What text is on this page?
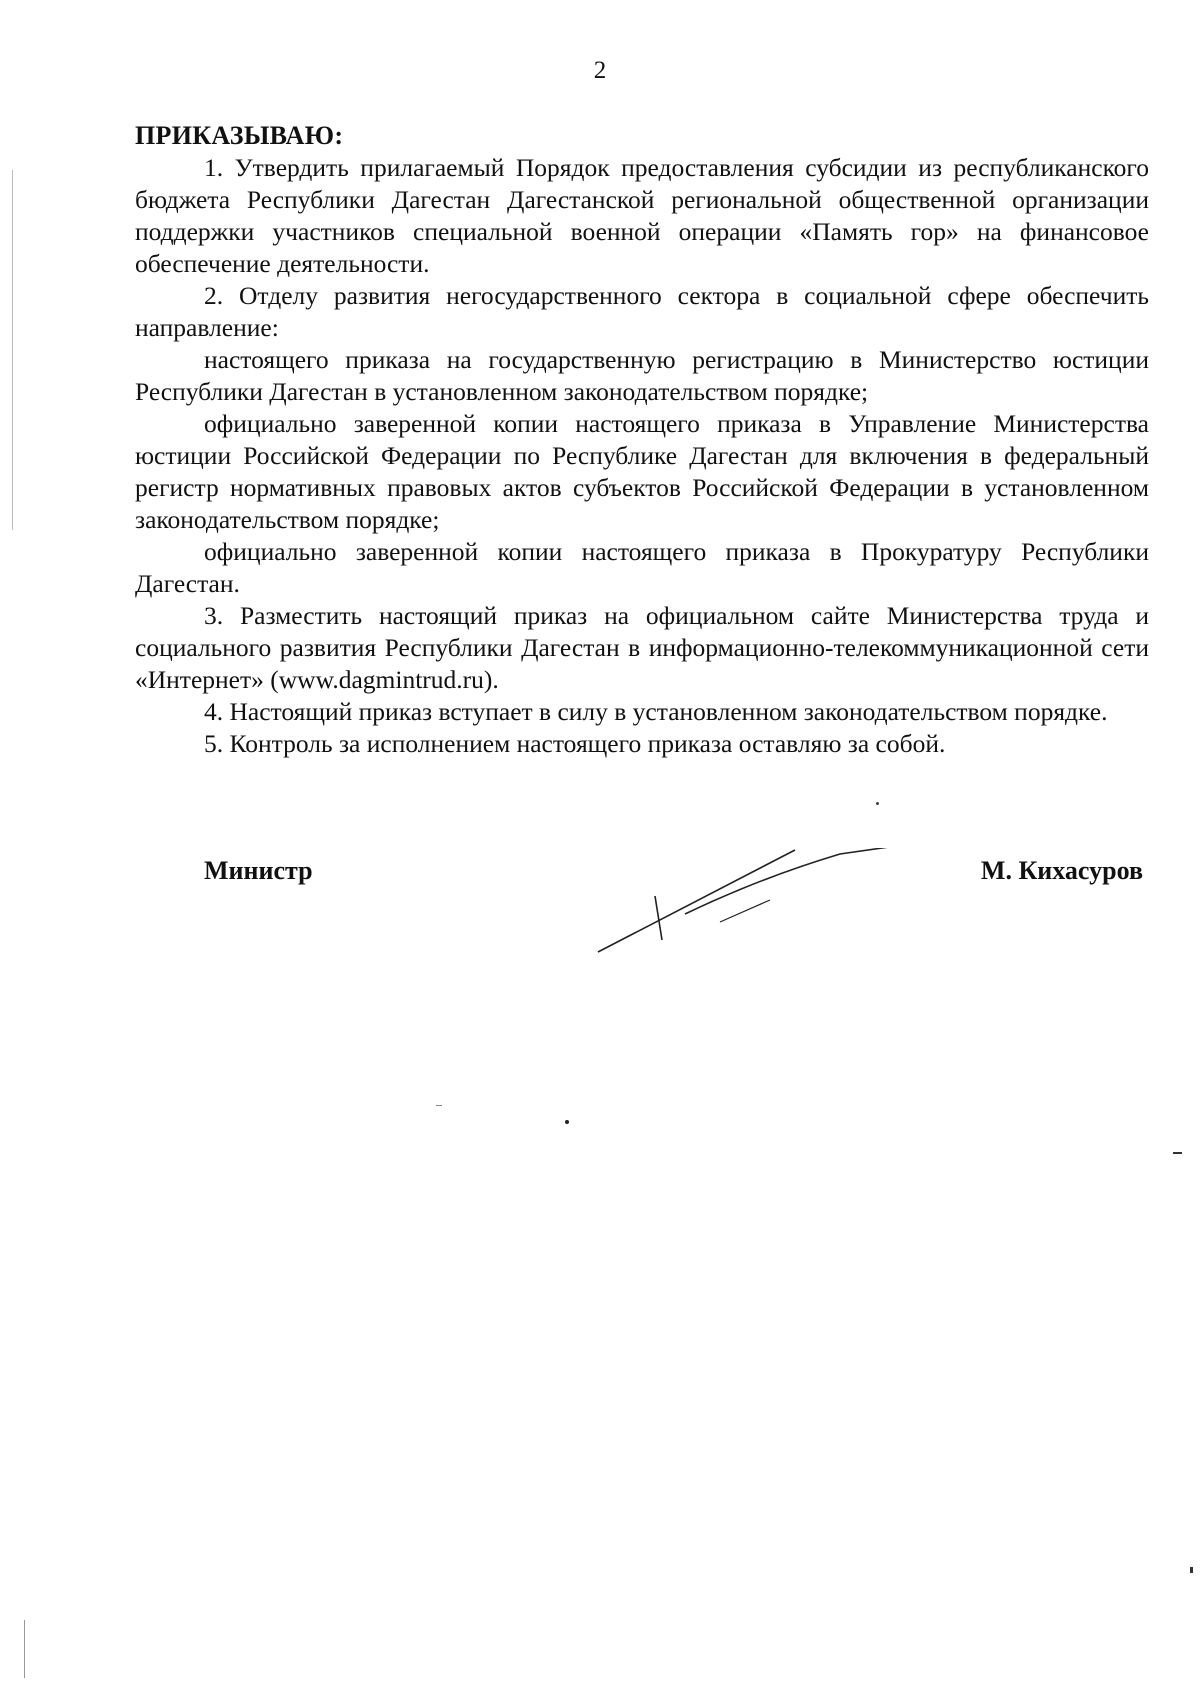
2

ПРИКАЗЫВАЮ:

1. Утвердить прилагаемый Порядок предоставления субсидии из республиканского бюджета Республики Дагестан Дагестанской региональной общественной организации поддержки участников специальной военной операции «Память гор» на финансовое обеспечение деятельности.

2. Отделу развития негосударственного сектора в социальной сфере обеспечить направление:

настоящего приказа на государственную регистрацию в Министерство юстиции Республики Дагестан в установленном законодательством порядке;

официально заверенной копии настоящего приказа в Управление Министерства юстиции Российской Федерации по Республике Дагестан для включения в федеральный регистр нормативных правовых актов субъектов Российской Федерации в установленном законодательством порядке;

официально заверенной копии настоящего приказа в Прокуратуру Республики Дагестан.

3. Разместить настоящий приказ на официальном сайте Министерства труда и социального развития Республики Дагестан в информационно-телекоммуникационной сети «Интернет» (www.dagmintrud.ru).

4. Настоящий приказ вступает в силу в установленном законодательством порядке.

5. Контроль за исполнением настоящего приказа оставляю за собой.

Министр	М. Кихасуров
